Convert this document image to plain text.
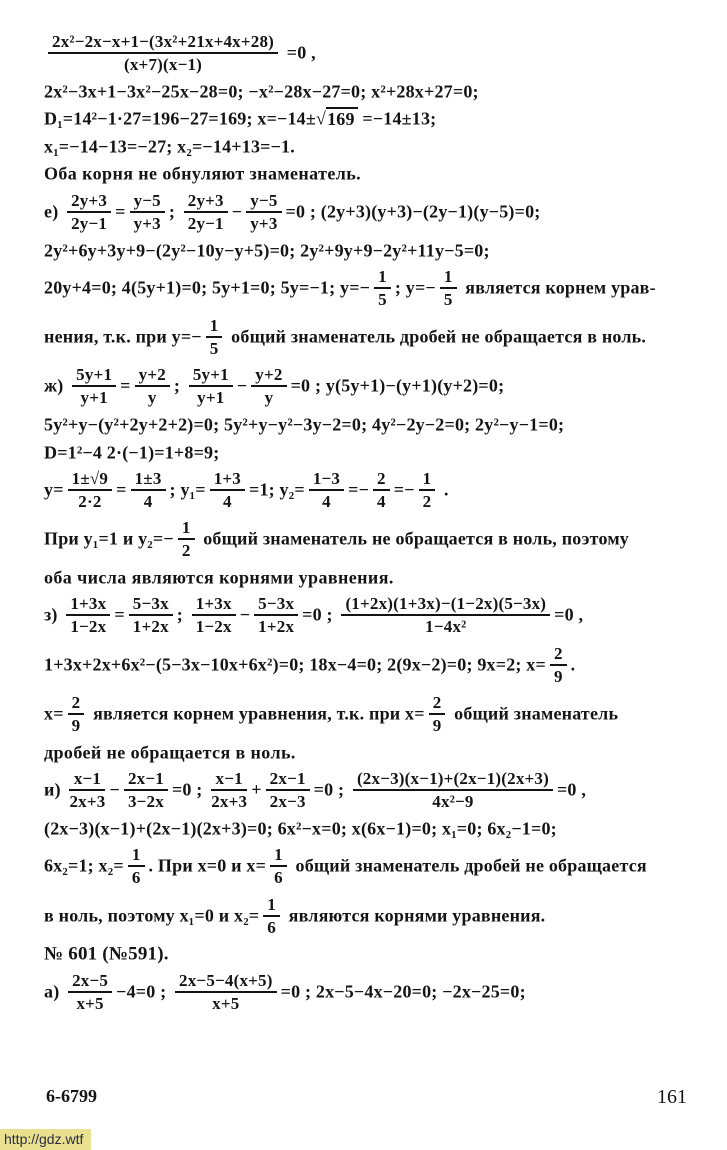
$\frac{\text{2x²−2x−x+1−(3x²+21x+4x+28)}}{(x+7)(x-1)} =0$ ,
2x²−3x+1−3x²−25x−28=0; −x²−28x−27=0; x²+28x+27=0;
D₁=14²−1·27=196−27=169; x=−14±√169 =−14±13;
x₁=−14−13=−27; x₂=−14+13=−1.
Оба корня не обнуляют знаменатель.
$е) \frac{2y+3}{2y-1} = \frac{y-5}{y+3}$ ; $\frac{2y+3}{2y-1} - \frac{y-5}{y+3} =0$ ; (2y+3)(y+3)−(2y−1)(y−5)=0;
2y²+6y+3y+9−(2y²−10y−y+5)=0; 2y²+9y+9−2y²+11y−5=0;
20y+4=0; 4(5y+1)=0; 5y+1=0; 5y=−1; $y=- \frac{1}{5}$ ; $y=- \frac{1}{5}$ является корнем урав-
нения, т.к. при $y=- \frac{1}{5}$ общий знаменатель дробей не обращается в ноль.
$ж) \frac{5y+1}{y+1} = \frac{y+2}{y}$ ; $\frac{5y+1}{y+1} - \frac{y+2}{y} =0$ ; y(5y+1)−(y+1)(y+2)=0;
5y²+y−(y²+2y+2+2)=0; 5y²+y−y²−3y−2=0; 4y²−2y−2=0; 2y²−y−1=0;
D=1²−4 2·(−1)=1+8=9;
$y= \frac{1\pm√9}{2\cdot 2} = \frac{1\pm 3}{4}$ ; $y_1= \frac{1+3}{4} =1$; $y_2= \frac{1-3}{4} =- \frac{2}{4} =- \frac{1}{2}$ .
При y₁=1 и $y_2=- \frac{1}{2}$ общий знаменатель не обращается в ноль, поэтому
оба числа являются корнями уравнения.
$з) \frac{1+3x}{1-2x} = \frac{5-3x}{1+2x}$ ; $\frac{1+3x}{1-2x} - \frac{5-3x}{1+2x} =0$ ; $\frac{(1+2x)(1+3x)-(1-2x)(5-3x)}{\text{1−4x²}} =0$ ,
1+3x+2x+6x²−(5−3x−10x+6x²)=0; 18x−4=0; 2(9x−2)=0; 9x=2; $x= \frac{2}{9}$ .
$x= \frac{2}{9}$ является корнем уравнения, т.к. при $x= \frac{2}{9}$ общий знаменатель
дробей не обращается в ноль.
$и) \frac{x-1}{2x+3} - \frac{2x-1}{3-2x} =0$ ; $\frac{x-1}{2x+3} + \frac{2x-1}{2x-3} =0$ ; $\frac{(2x-3)(x-1)+(2x-1)(2x+3)}{\text{4x²−9}} =0$ ,
(2x−3)(x−1)+(2x−1)(2x+3)=0; 6x²−x=0; x(6x−1)=0; x₁=0; 6x₂−1=0;
6x₂=1; $x_2= \frac{1}{6}$ . При x=0 и $x= \frac{1}{6}$ общий знаменатель дробей не обращается
в ноль, поэтому x₁=0 и $x_2= \frac{1}{6}$ являются корнями уравнения.
№ 601 (№591).
$а) \frac{2x-5}{x+5} -4=0$ ; $\frac{2x-5-4(x+5)}{x+5} =0$ ; 2x−5−4x−20=0; −2x−25=0;
6-6799	161
http://gdz.wtf
